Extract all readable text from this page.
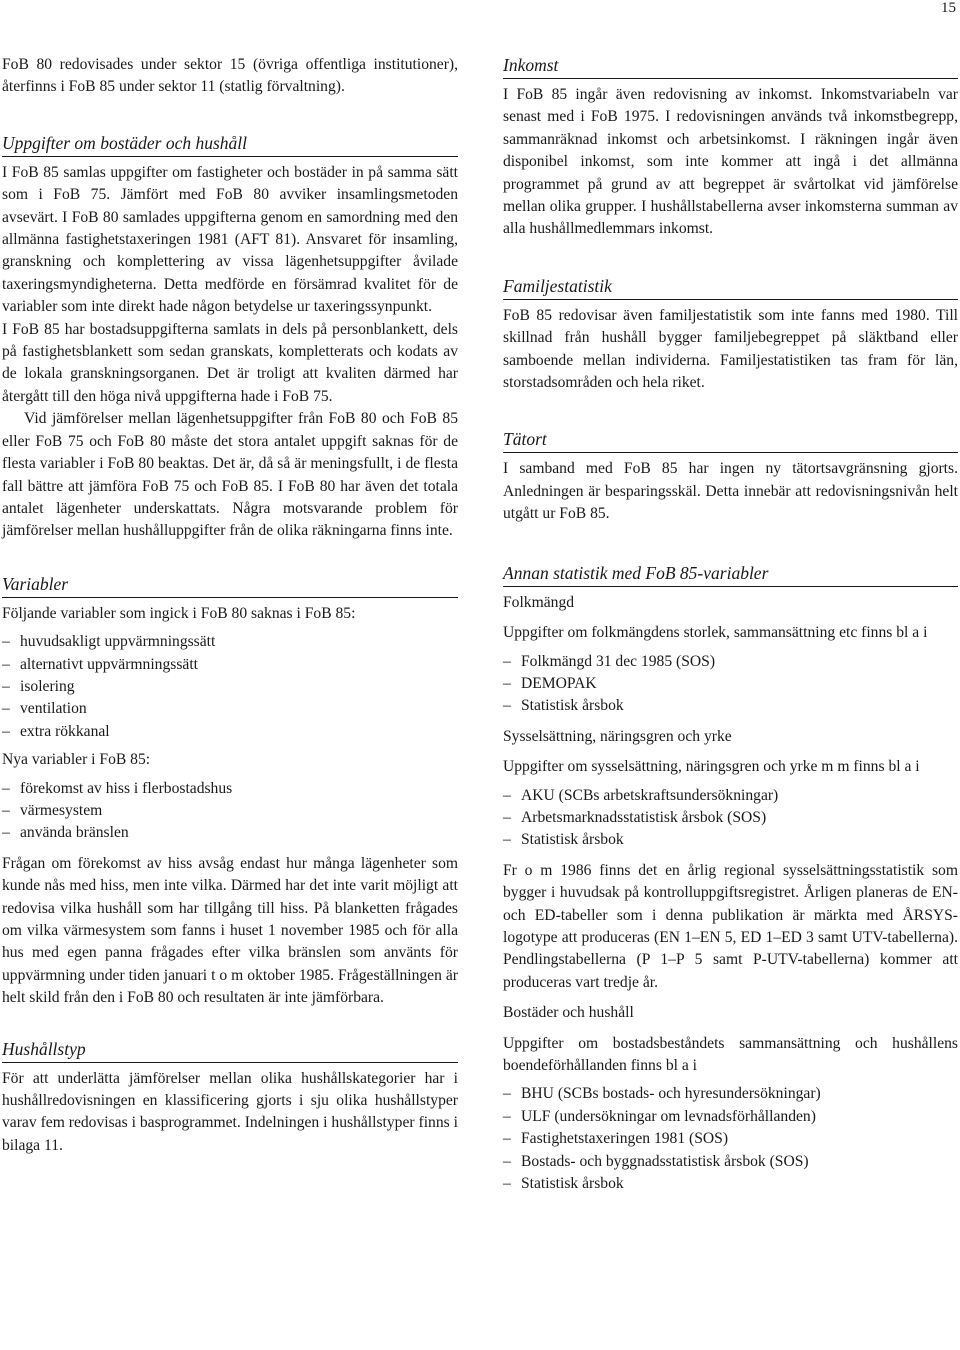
15

FoB 80 redovisades under sektor 15 (övriga offentliga institutioner), återfinns i FoB 85 under sektor 11 (statlig förvaltning).

Uppgifter om bostäder och hushåll

I FoB 85 samlas uppgifter om fastigheter och bostäder in på samma sätt som i FoB 75. Jämfört med FoB 80 avviker insamlingsmetoden avsevärt. I FoB 80 samlades uppgifterna genom en samordning med den allmänna fastighetstaxeringen 1981 (AFT 81). Ansvaret för insamling, granskning och komplettering av vissa lägenhetsuppgifter åvilade taxeringsmyndigheterna. Detta medförde en försämrad kvalitet för de variabler som inte direkt hade någon betydelse ur taxeringssynpunkt.

I FoB 85 har bostadsuppgifterna samlats in dels på personblankett, dels på fastighetsblankett som sedan granskats, kompletterats och kodats av de lokala granskningsorganen. Det är troligt att kvaliten därmed har återgått till den höga nivå uppgifterna hade i FoB 75.

Vid jämförelser mellan lägenhetsuppgifter från FoB 80 och FoB 85 eller FoB 75 och FoB 80 måste det stora antalet uppgift saknas för de flesta variabler i FoB 80 beaktas. Det är, då så är meningsfullt, i de flesta fall bättre att jämföra FoB 75 och FoB 85. I FoB 80 har även det totala antalet lägenheter underskattats. Några motsvarande problem för jämförelser mellan hushålluppgifter från de olika räkningarna finns inte.

Variabler

Följande variabler som ingick i FoB 80 saknas i FoB 85:

– huvudsakligt uppvärmningssätt
– alternativt uppvärmningssätt
– isolering
– ventilation
– extra rökkanal

Nya variabler i FoB 85:

– förekomst av hiss i flerbostadshus
– värmesystem
– använda bränslen

Frågan om förekomst av hiss avsåg endast hur många lägenheter som kunde nås med hiss, men inte vilka. Därmed har det inte varit möjligt att redovisa vilka hushåll som har tillgång till hiss. På blanketten frågades om vilka värmesystem som fanns i huset 1 november 1985 och för alla hus med egen panna frågades efter vilka bränslen som använts för uppvärmning under tiden januari t o m oktober 1985. Frågeställningen är helt skild från den i FoB 80 och resultaten är inte jämförbara.

Hushållstyp

För att underlätta jämförelser mellan olika hushållskategorier har i hushållredovisningen en klassificering gjorts i sju olika hushållstyper varav fem redovisas i basprogrammet. Indelningen i hushållstyper finns i bilaga 11.

Inkomst

I FoB 85 ingår även redovisning av inkomst. Inkomstvariabeln var senast med i FoB 1975. I redovisningen används två inkomstbegrepp, sammanräknad inkomst och arbetsinkomst. I räkningen ingår även disponibel inkomst, som inte kommer att ingå i det allmänna programmet på grund av att begreppet är svårtolkat vid jämförelse mellan olika grupper. I hushållstabellerna avser inkomsterna summan av alla hushållmedlemmars inkomst.

Familjestatistik

FoB 85 redovisar även familjestatistik som inte fanns med 1980. Till skillnad från hushåll bygger familjebegreppet på släktband eller samboende mellan individerna. Familjestatistiken tas fram för län, storstadsområden och hela riket.

Tätort

I samband med FoB 85 har ingen ny tätortsavgränsning gjorts. Anledningen är besparingsskäl. Detta innebär att redovisningsnivån helt utgått ur FoB 85.

Annan statistik med FoB 85-variabler

Folkmängd

Uppgifter om folkmängdens storlek, sammansättning etc finns bl a i

– Folkmängd 31 dec 1985 (SOS)
– DEMOPAK
– Statistisk årsbok

Sysselsättning, näringsgren och yrke

Uppgifter om sysselsättning, näringsgren och yrke m m finns bl a i

– AKU (SCBs arbetskraftsundersökningar)
– Arbetsmarknadsstatistisk årsbok (SOS)
– Statistisk årsbok

Fr o m 1986 finns det en årlig regional sysselsättningsstatistik som bygger i huvudsak på kontrolluppgiftsregistret. Årligen planeras de EN- och ED-tabeller som i denna publikation är märkta med ÅRSYS-logotype att produceras (EN 1–EN 5, ED 1–ED 3 samt UTV-tabellerna). Pendlingstabellerna (P 1–P 5 samt P-UTV-tabellerna) kommer att produceras vart tredje år.

Bostäder och hushåll

Uppgifter om bostadsbeståndets sammansättning och hushållens boendeförhållanden finns bl a i

– BHU (SCBs bostads- och hyresundersökningar)
– ULF (undersökningar om levnadsförhållanden)
– Fastighetstaxeringen 1981 (SOS)
– Bostads- och byggnadsstatistisk årsbok (SOS)
– Statistisk årsbok
